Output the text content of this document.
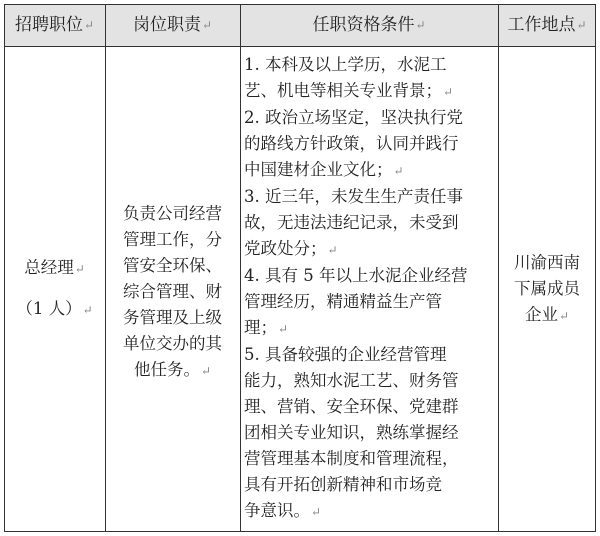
招聘职位 ↵ 岗位职责 ↵	任职资格条件 ↵	工作地点 ↵
总经理↵
（1 人）↵
负责公司经营
管理工作，分
管安全环保、
综合管理、财
务管理及上级
单位交办的其
他任务。↵

1. 本科及以上学历，水泥工

艺、机电等相关专业背景；↵

2. 政治立场坚定，坚决执行党

的路线方针政策，认同并践行

中国建材企业文化；↵

3. 近三年，未发生生产责任事

故，无违法违纪记录，未受到

党政处分；↵

4. 具有 5 年以上水泥企业经营

管理经历，精通精益生产管

理；↵

5. 具备较强的企业经营管理

能力，熟知水泥工艺、财务管

理、营销、安全环保、党建群

团相关专业知识，熟练掌握经

营管理基本制度和管理流程，

具有开拓创新精神和市场竞

争意识。↵

川渝西南
下属成员
企业↵
